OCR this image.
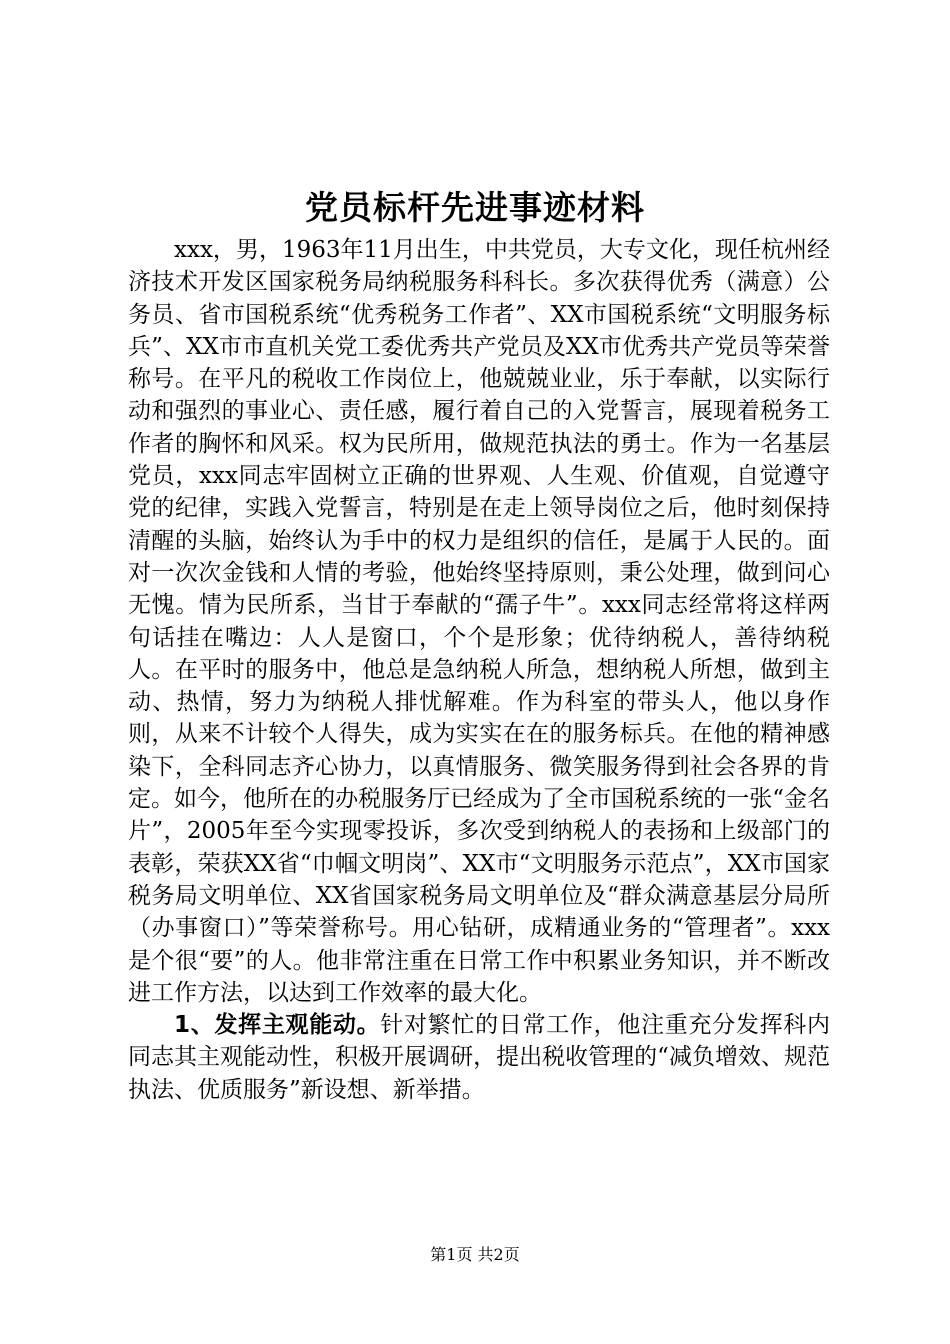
党员标杆先进事迹材料

xxx，男，1963年11月出生，中共党员，大专文化，现任杭州经济技术开发区国家税务局纳税服务科科长。多次获得优秀（满意）公务员、省市国税系统“优秀税务工作者”、XX市国税系统“文明服务标兵”、XX市市直机关党工委优秀共产党员及XX市优秀共产党员等荣誉称号。在平凡的税收工作岗位上，他兢兢业业，乐于奉献，以实际行动和强烈的事业心、责任感，履行着自己的入党誓言，展现着税务工作者的胸怀和风采。权为民所用，做规范执法的勇士。作为一名基层党员，xxx同志牢固树立正确的世界观、人生观、价值观，自觉遵守党的纪律，实践入党誓言，特别是在走上领导岗位之后，他时刻保持清醒的头脑，始终认为手中的权力是组织的信任，是属于人民的。面对一次次金钱和人情的考验，他始终坚持原则，秉公处理，做到问心无愧。情为民所系，当甘于奉献的“孺子牛”。xxx同志经常将这样两句话挂在嘴边：人人是窗口，个个是形象；优待纳税人，善待纳税人。在平时的服务中，他总是急纳税人所急，想纳税人所想，做到主动、热情，努力为纳税人排忧解难。作为科室的带头人，他以身作则，从来不计较个人得失，成为实实在在的服务标兵。在他的精神感染下，全科同志齐心协力，以真情服务、微笑服务得到社会各界的肯定。如今，他所在的办税服务厅已经成为了全市国税系统的一张“金名片”，2005年至今实现零投诉，多次受到纳税人的表扬和上级部门的表彰，荣获XX省“巾帼文明岗”、XX市“文明服务示范点”，XX市国家税务局文明单位、XX省国家税务局文明单位及“群众满意基层分局所（办事窗口）”等荣誉称号。用心钻研，成精通业务的“管理者”。xxx是个很“要”的人。他非常注重在日常工作中积累业务知识，并不断改进工作方法，以达到工作效率的最大化。

1、发挥主观能动。针对繁忙的日常工作，他注重充分发挥科内同志其主观能动性，积极开展调研，提出税收管理的“减负增效、规范执法、优质服务”新设想、新举措。

第1页 共2页
